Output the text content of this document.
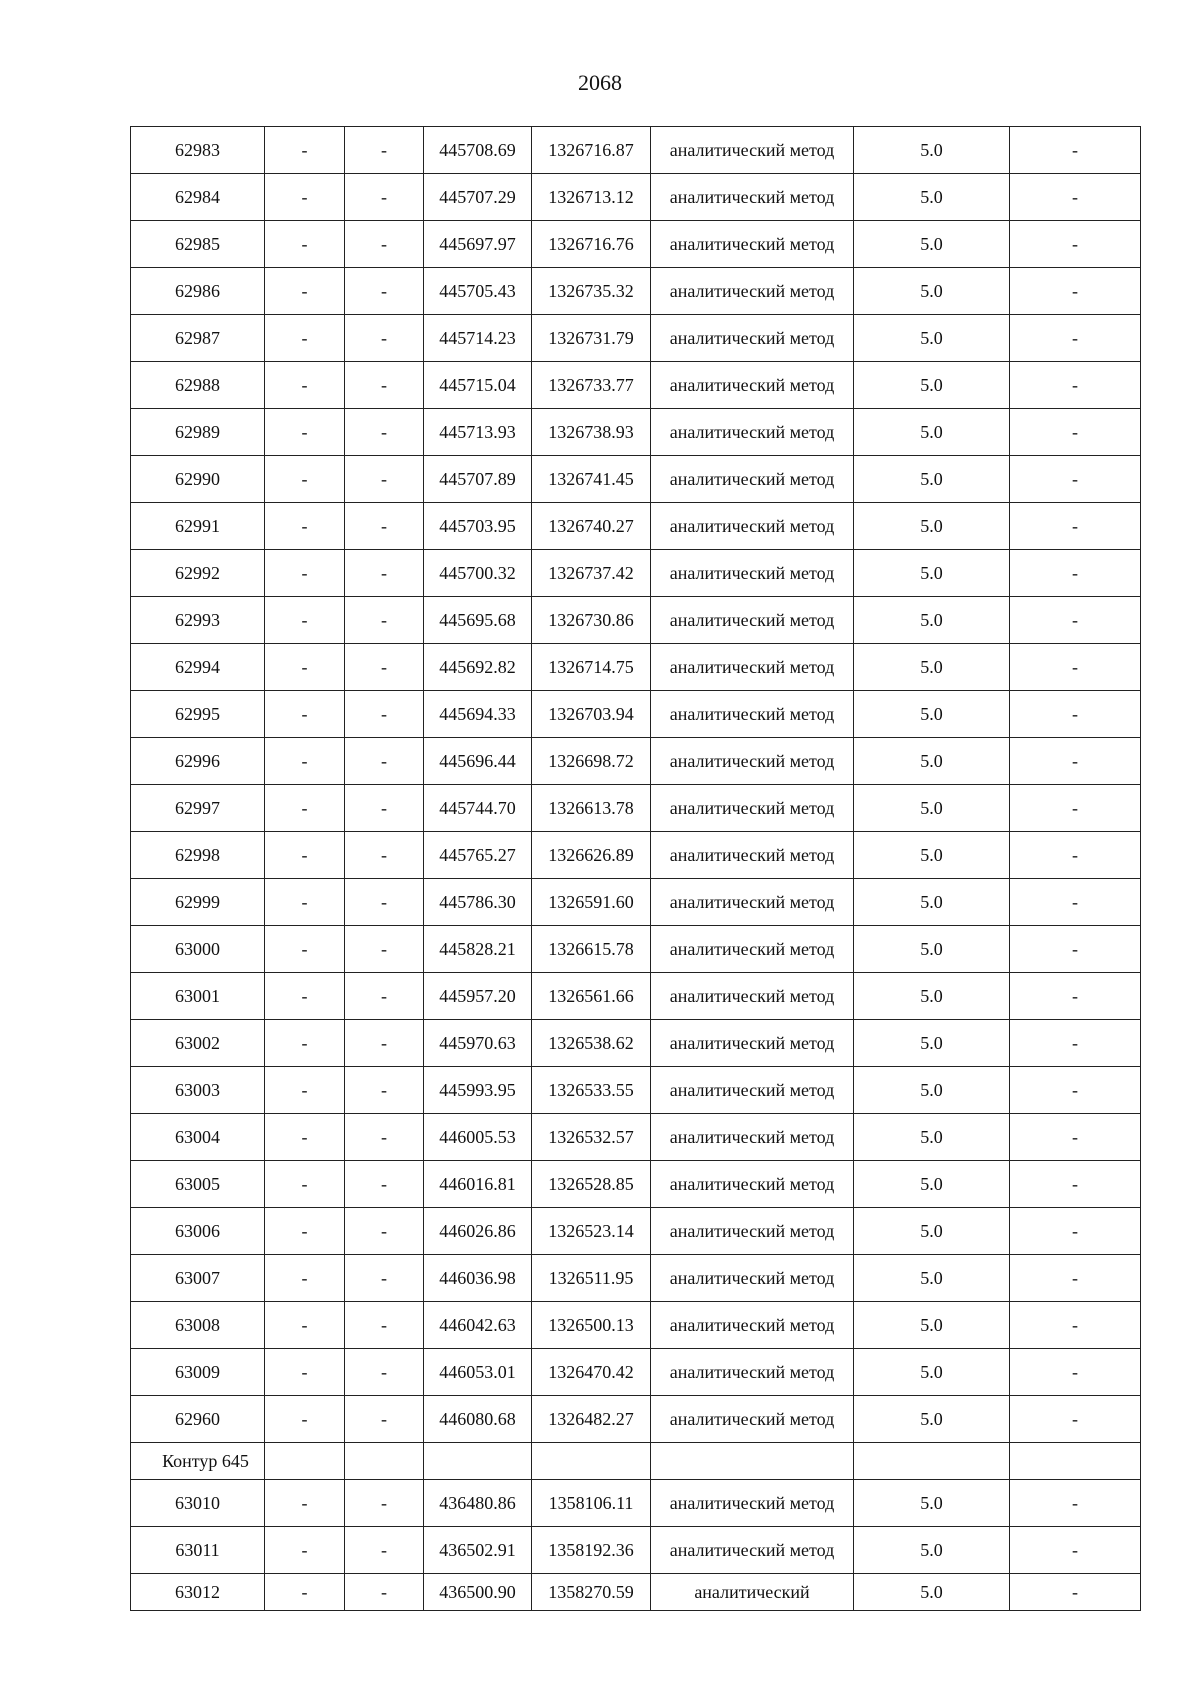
2068
62983	-	-	445708.69	1326716.87	аналитический метод	5.0	-
62984	-	-	445707.29	1326713.12	аналитический метод	5.0	-
62985	-	-	445697.97	1326716.76	аналитический метод	5.0	-
62986	-	-	445705.43	1326735.32	аналитический метод	5.0	-
62987	-	-	445714.23	1326731.79	аналитический метод	5.0	-
62988	-	-	445715.04	1326733.77	аналитический метод	5.0	-
62989	-	-	445713.93	1326738.93	аналитический метод	5.0	-
62990	-	-	445707.89	1326741.45	аналитический метод	5.0	-
62991	-	-	445703.95	1326740.27	аналитический метод	5.0	-
62992	-	-	445700.32	1326737.42	аналитический метод	5.0	-
62993	-	-	445695.68	1326730.86	аналитический метод	5.0	-
62994	-	-	445692.82	1326714.75	аналитический метод	5.0	-
62995	-	-	445694.33	1326703.94	аналитический метод	5.0	-
62996	-	-	445696.44	1326698.72	аналитический метод	5.0	-
62997	-	-	445744.70	1326613.78	аналитический метод	5.0	-
62998	-	-	445765.27	1326626.89	аналитический метод	5.0	-
62999	-	-	445786.30	1326591.60	аналитический метод	5.0	-
63000	-	-	445828.21	1326615.78	аналитический метод	5.0	-
63001	-	-	445957.20	1326561.66	аналитический метод	5.0	-
63002	-	-	445970.63	1326538.62	аналитический метод	5.0	-
63003	-	-	445993.95	1326533.55	аналитический метод	5.0	-
63004	-	-	446005.53	1326532.57	аналитический метод	5.0	-
63005	-	-	446016.81	1326528.85	аналитический метод	5.0	-
63006	-	-	446026.86	1326523.14	аналитический метод	5.0	-
63007	-	-	446036.98	1326511.95	аналитический метод	5.0	-
63008	-	-	446042.63	1326500.13	аналитический метод	5.0	-
63009	-	-	446053.01	1326470.42	аналитический метод	5.0	-
62960	-	-	446080.68	1326482.27	аналитический метод	5.0	-
Контур 645							
63010	-	-	436480.86	1358106.11	аналитический метод	5.0	-
63011	-	-	436502.91	1358192.36	аналитический метод	5.0	-
63012	-	-	436500.90	1358270.59	аналитический	5.0	-
